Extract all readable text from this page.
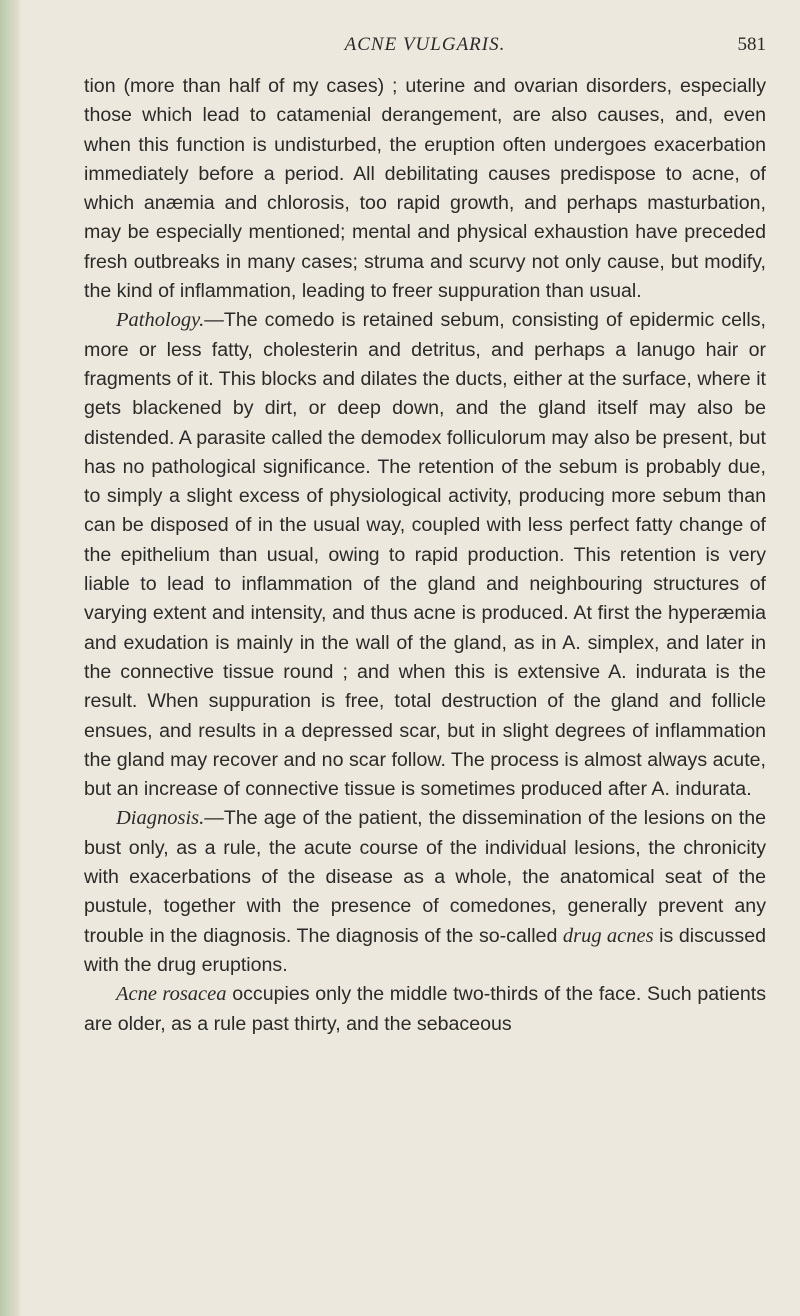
ACNE VULGARIS.	581

tion (more than half of my cases) ; uterine and ovarian disorders, especially those which lead to catamenial derangement, are also causes, and, even when this function is undisturbed, the eruption often undergoes exacerbation immediately before a period. All debilitating causes predispose to acne, of which anæmia and chlorosis, too rapid growth, and perhaps masturbation, may be especially mentioned; mental and physical exhaustion have preceded fresh outbreaks in many cases; struma and scurvy not only cause, but modify, the kind of inflammation, leading to freer suppuration than usual.

Pathology.—The comedo is retained sebum, consisting of epidermic cells, more or less fatty, cholesterin and detritus, and perhaps a lanugo hair or fragments of it. This blocks and dilates the ducts, either at the surface, where it gets blackened by dirt, or deep down, and the gland itself may also be distended. A parasite called the demodex folliculorum may also be present, but has no pathological significance. The retention of the sebum is probably due, to simply a slight excess of physiological activity, producing more sebum than can be disposed of in the usual way, coupled with less perfect fatty change of the epithelium than usual, owing to rapid production. This retention is very liable to lead to inflammation of the gland and neighbouring structures of varying extent and intensity, and thus acne is produced. At first the hyperæmia and exudation is mainly in the wall of the gland, as in A. simplex, and later in the connective tissue round ; and when this is extensive A. indurata is the result. When suppuration is free, total destruction of the gland and follicle ensues, and results in a depressed scar, but in slight degrees of inflammation the gland may recover and no scar follow. The process is almost always acute, but an increase of connective tissue is sometimes produced after A. indurata.

Diagnosis.—The age of the patient, the dissemination of the lesions on the bust only, as a rule, the acute course of the individual lesions, the chronicity with exacerbations of the disease as a whole, the anatomical seat of the pustule, together with the presence of comedones, generally prevent any trouble in the diagnosis. The diagnosis of the so-called drug acnes is discussed with the drug eruptions.

Acne rosacea occupies only the middle two-thirds of the face. Such patients are older, as a rule past thirty, and the sebaceous
